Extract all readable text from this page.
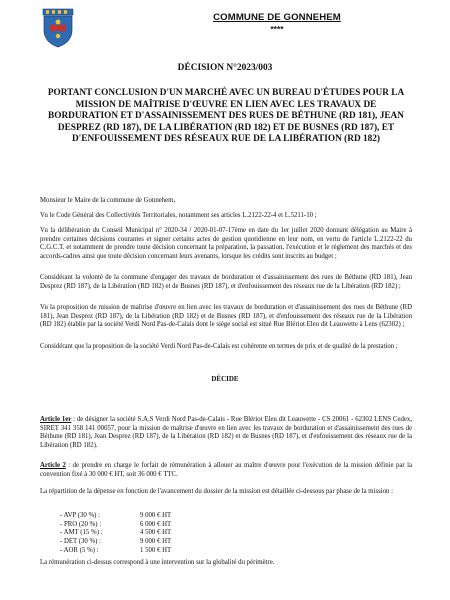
COMMUNE DE GONNEHEM
****
DÉCISION N°2023/003
PORTANT CONCLUSION D'UN MARCHÉ AVEC UN BUREAU D'ÉTUDES POUR LA MISSION DE MAÎTRISE D'ŒUVRE EN LIEN AVEC LES TRAVAUX DE BORDURATION ET D'ASSAINISSEMENT DES RUES DE BÉTHUNE (RD 181), JEAN DESPREZ (RD 187), DE LA LIBÉRATION (RD 182) ET DE BUSNES (RD 187), ET D'ENFOUISSEMENT DES RÉSEAUX RUE DE LA LIBÉRATION (RD 182)
Monsieur le Maire de la commune de Gonnehem,
Vu le Code Général des Collectivités Territoriales, notamment ses articles L.2122-22-4 et L.5211-10 ;
Vu la délibération du Conseil Municipal n° 2020-34 / 2020-01-07-17ème en date du 1er juillet 2020 donnant délégation au Maire à prendre certaines décisions courantes et signer certains actes de gestion quotidienne en leur nom, en vertu de l'article L.2122-22 du C.G.C.T. et notamment de prendre toute décision concernant la préparation, la passation, l'exécution et le règlement des marchés et des accords-cadres ainsi que toute décision concernant leurs avenants, lorsque les crédits sont inscrits au budget ;
Considérant la volonté de la commune d'engager des travaux de borduration et d'assainissement des rues de Béthune (RD 181), Jean Desprez (RD 187), de la Libération (RD 182) et de Busnes (RD 187), et d'enfouissement des réseaux rue de la Libération (RD 182) ;
Vu la proposition de mission de maîtrise d'œuvre en lien avec les travaux de borduration et d'assainissement des rues de Béthune (RD 181), Jean Desprez (RD 187), de la Libération (RD 182) et de Busnes (RD 187), et d'enfouissement des réseaux rue de la Libération (RD 182) établie par la société Verdi Nord Pas-de-Calais dont le siège social est situé Rue Blériot Eleu dit Leauwette à Lens (62302) ;
Considérant que la proposition de la société Verdi Nord Pas-de-Calais est cohérente en termes de prix et de qualité de la prestation ;
DÉCIDE
Article 1er : de désigner la société S.A.S Verdi Nord Pas-de-Calais - Rue Blériot Eleu dit Leauwette - CS 20061 - 62302 LENS Cedex, SIRET 341 358 141 00057, pour la mission de maîtrise d'œuvre en lien avec les travaux de borduration et d'assainissement des rues de Béthune (RD 181), Jean Desprez (RD 187), de la Libération (RD 182) et de Busnes (RD 187), et d'enfouissement des réseaux rue de la Libération (RD 182).
Article 2 : de prendre en charge le forfait de rémunération à allouer au maître d'œuvre pour l'exécution de la mission définie par la convention fixé à 30 000 € HT, soit 36 000 € TTC.
La répartition de la dépense en fonction de l'avancement du dossier de la mission est détaillée ci-dessous par phase de la mission :
- AVP (30 %) :	9 000 € HT
- PRO (20 %) :	6 000 € HT
- AMT (15 %) :	4 500 € HT
- DET (30 %) :	9 000 € HT
- AOR (5 %) :	1 500 € HT
La rémunération ci-dessus correspond à une intervention sur la globalité du périmètre.
